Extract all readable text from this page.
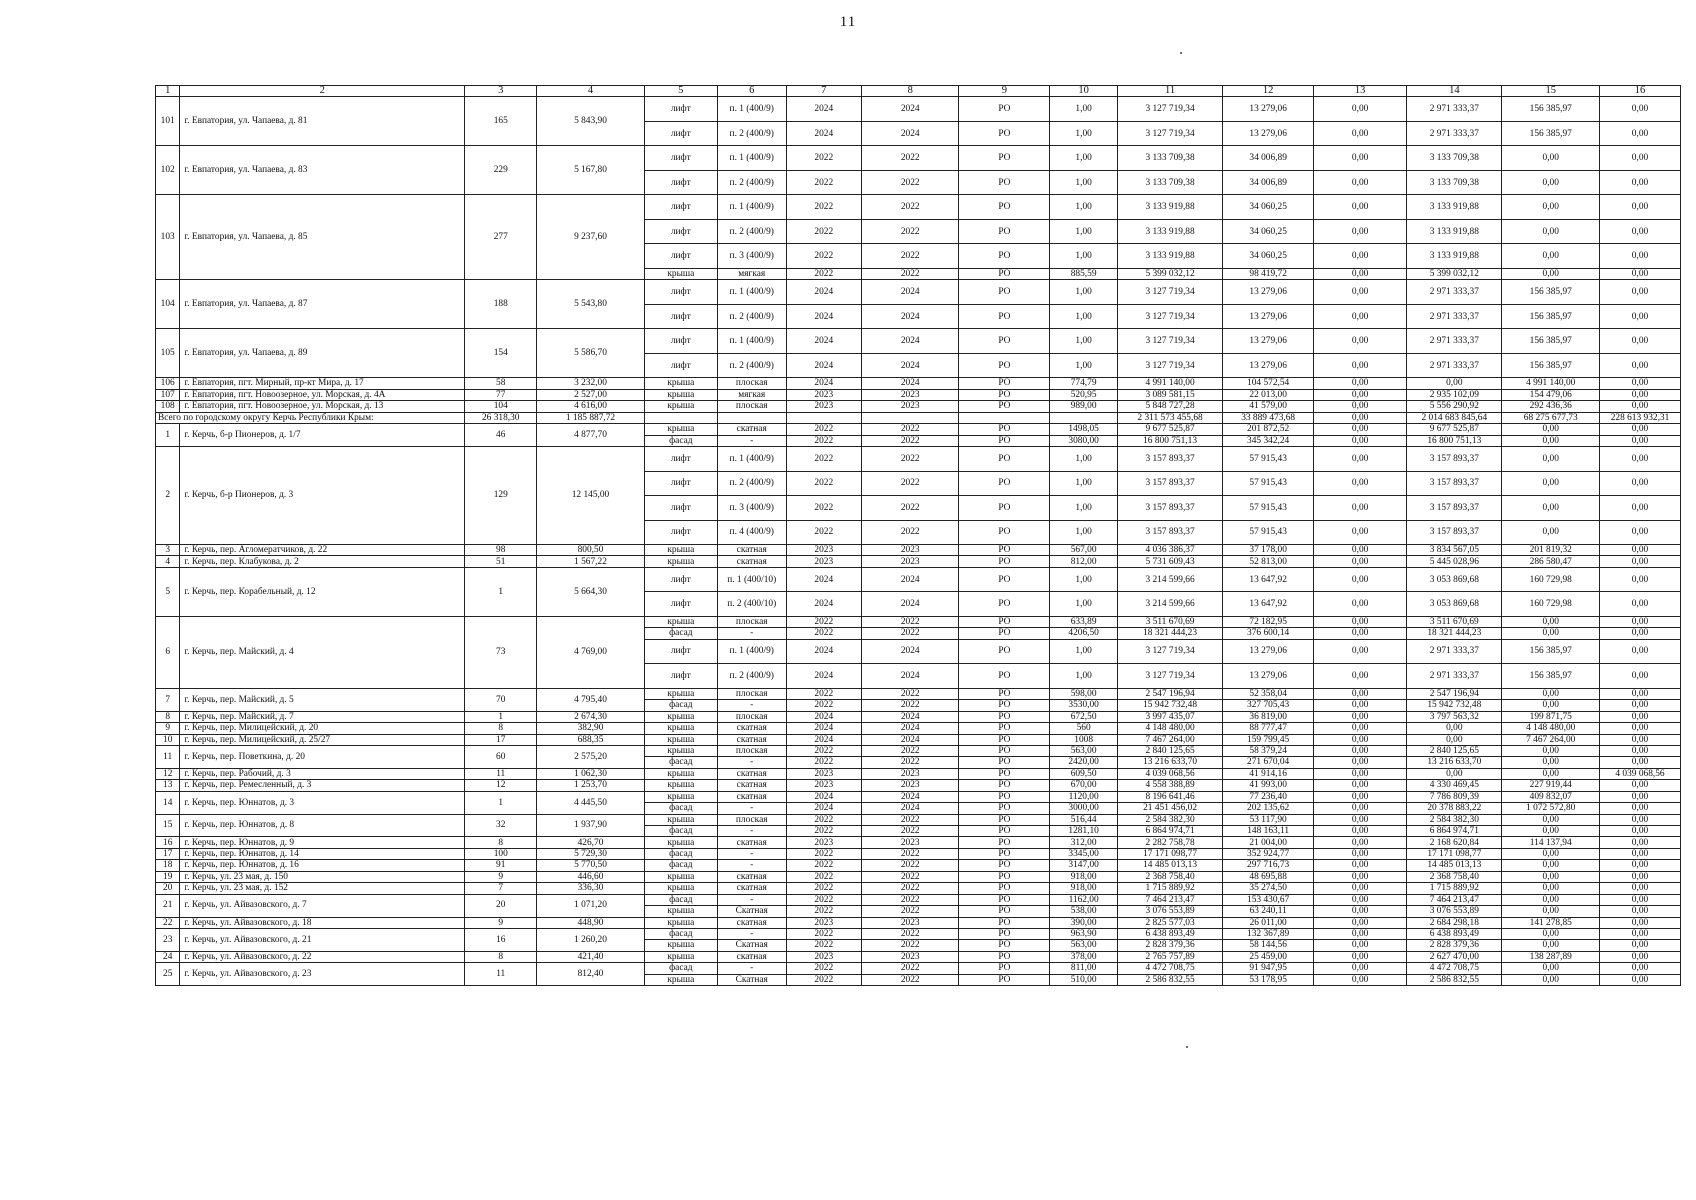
11
1	2	3	4	5	6	7	8	9	10	11	12	13	14	15	16
101	г. Евпатория, ул. Чапаева, д. 81	165	5 843,90	лифт	п. 1 (400/9)	2024	2024	РО	1,00	3 127 719,34	13 279,06	0,00	2 971 333,37	156 385,97	0,00
				лифт	п. 2 (400/9)	2024	2024	РО	1,00	3 127 719,34	13 279,06	0,00	2 971 333,37	156 385,97	0,00
102	г. Евпатория, ул. Чапаева, д. 83	229	5 167,80	лифт	п. 1 (400/9)	2022	2022	РО	1,00	3 133 709,38	34 006,89	0,00	3 133 709,38	0,00	0,00
				лифт	п. 2 (400/9)	2022	2022	РО	1,00	3 133 709,38	34 006,89	0,00	3 133 709,38	0,00	0,00
103	г. Евпатория, ул. Чапаева, д. 85	277	9 237,60	лифт	п. 1 (400/9)	2022	2022	РО	1,00	3 133 919,88	34 060,25	0,00	3 133 919,88	0,00	0,00
				лифт	п. 2 (400/9)	2022	2022	РО	1,00	3 133 919,88	34 060,25	0,00	3 133 919,88	0,00	0,00
				лифт	п. 3 (400/9)	2022	2022	РО	1,00	3 133 919,88	34 060,25	0,00	3 133 919,88	0,00	0,00
				крыша	мягкая	2022	2022	РО	885,59	5 399 032,12	98 419,72	0,00	5 399 032,12	0,00	0,00
104	г. Евпатория, ул. Чапаева, д. 87	188	5 543,80	лифт	п. 1 (400/9)	2024	2024	РО	1,00	3 127 719,34	13 279,06	0,00	2 971 333,37	156 385,97	0,00
				лифт	п. 2 (400/9)	2024	2024	РО	1,00	3 127 719,34	13 279,06	0,00	2 971 333,37	156 385,97	0,00
105	г. Евпатория, ул. Чапаева, д. 89	154	5 586,70	лифт	п. 1 (400/9)	2024	2024	РО	1,00	3 127 719,34	13 279,06	0,00	2 971 333,37	156 385,97	0,00
				лифт	п. 2 (400/9)	2024	2024	РО	1,00	3 127 719,34	13 279,06	0,00	2 971 333,37	156 385,97	0,00
106	г. Евпатория, пгт. Мирный, пр-кт Мира, д. 17	58	3 232,00	крыша	плоская	2024	2024	РО	774,79	4 991 140,00	104 572,54	0,00	0,00	4 991 140,00	0,00
107	г. Евпатория, пгт. Новоозерное, ул. Морская, д. 4А	77	2 527,00	крыша	мягкая	2023	2023	РО	520,95	3 089 581,15	22 013,00	0,00	2 935 102,09	154 479,06	0,00
108	г. Евпатория, пгт. Новоозерное, ул. Морская, д. 13	104	4 616,00	крыша	плоская	2023	2023	РО	989,00	5 848 727,28	41 579,00	0,00	5 556 290,92	292 436,36	0,00
Всего по городскому округу Керчь Республики Крым:		26 318,30	1 185 887,72							2 311 573 455,68	33 889 473,68	0,00	2 014 683 845,64	68 275 677,73	228 613 932,31
1	г. Керчь, б-р Пионеров, д. 1/7	46	4 877,70	крыша	скатная	2022	2022	РО	1498,05	9 677 525,87	201 872,52	0,00	9 677 525,87	0,00	0,00
				фасад	-	2022	2022	РО	3080,00	16 800 751,13	345 342,24	0,00	16 800 751,13	0,00	0,00
2	г. Керчь, б-р Пионеров, д. 3	129	12 145,00	лифт	п. 1 (400/9)	2022	2022	РО	1,00	3 157 893,37	57 915,43	0,00	3 157 893,37	0,00	0,00
				лифт	п. 2 (400/9)	2022	2022	РО	1,00	3 157 893,37	57 915,43	0,00	3 157 893,37	0,00	0,00
				лифт	п. 3 (400/9)	2022	2022	РО	1,00	3 157 893,37	57 915,43	0,00	3 157 893,37	0,00	0,00
				лифт	п. 4 (400/9)	2022	2022	РО	1,00	3 157 893,37	57 915,43	0,00	3 157 893,37	0,00	0,00
3	г. Керчь, пер. Агломератчиков, д. 22	98	800,50	крыша	скатная	2023	2023	РО	567,00	4 036 386,37	37 178,00	0,00	3 834 567,05	201 819,32	0,00
4	г. Керчь, пер. Клабукова, д. 2	51	1 567,22	крыша	скатная	2023	2023	РО	812,00	5 731 609,43	52 813,00	0,00	5 445 028,96	286 580,47	0,00
5	г. Керчь, пер. Корабельный, д. 12	1	5 664,30	лифт	п. 1 (400/10)	2024	2024	РО	1,00	3 214 599,66	13 647,92	0,00	3 053 869,68	160 729,98	0,00
				лифт	п. 2 (400/10)	2024	2024	РО	1,00	3 214 599,66	13 647,92	0,00	3 053 869,68	160 729,98	0,00
6	г. Керчь, пер. Майский, д. 4	73	4 769,00	крыша	плоская	2022	2022	РО	633,89	3 511 670,69	72 182,95	0,00	3 511 670,69	0,00	0,00
				фасад	-	2022	2022	РО	4206,50	18 321 444,23	376 600,14	0,00	18 321 444,23	0,00	0,00
				лифт	п. 1 (400/9)	2024	2024	РО	1,00	3 127 719,34	13 279,06	0,00	2 971 333,37	156 385,97	0,00
				лифт	п. 2 (400/9)	2024	2024	РО	1,00	3 127 719,34	13 279,06	0,00	2 971 333,37	156 385,97	0,00
7	г. Керчь, пер. Майский, д. 5	70	4 795,40	крыша	плоская	2022	2022	РО	598,00	2 547 196,94	52 358,04	0,00	2 547 196,94	0,00	0,00
				фасад	-	2022	2022	РО	3530,00	15 942 732,48	327 705,43	0,00	15 942 732,48	0,00	0,00
8	г. Керчь, пер. Майский, д. 7	1	2 674,30	крыша	плоская	2024	2024	РО	672,50	3 997 435,07	36 819,00	0,00	3 797 563,32	199 871,75	0,00
9	г. Керчь, пер. Милицейский, д. 20	8	382,90	крыша	скатная	2024	2024	РО	560	4 148 480,00	88 777,47	0,00	0,00	4 148 480,00	0,00
10	г. Керчь, пер. Милицейский, д. 25/27	17	688,35	крыша	скатная	2024	2024	РО	1008	7 467 264,00	159 799,45	0,00	0,00	7 467 264,00	0,00
11	г. Керчь, пер. Поветкина, д. 20	60	2 575,20	крыша	плоская	2022	2022	РО	563,00	2 840 125,65	58 379,24	0,00	2 840 125,65	0,00	0,00
				фасад	-	2022	2022	РО	2420,00	13 216 633,70	271 670,04	0,00	13 216 633,70	0,00	0,00
12	г. Керчь, пер. Рабочий, д. 3	11	1 062,30	крыша	скатная	2023	2023	РО	609,50	4 039 068,56	41 914,16	0,00	0,00	0,00	4 039 068,56
13	г. Керчь, пер. Ремесленный, д. 3	12	1 253,70	крыша	скатная	2023	2023	РО	670,00	4 558 388,89	41 993,00	0,00	4 330 469,45	227 919,44	0,00
14	г. Керчь, пер. Юннатов, д. 3	1	4 445,50	крыша	скатная	2024	2024	РО	1120,00	8 196 641,46	77 236,40	0,00	7 786 809,39	409 832,07	0,00
				фасад	-	2024	2024	РО	3000,00	21 451 456,02	202 135,62	0,00	20 378 883,22	1 072 572,80	0,00
15	г. Керчь, пер. Юннатов, д. 8	32	1 937,90	крыша	плоская	2022	2022	РО	516,44	2 584 382,30	53 117,90	0,00	2 584 382,30	0,00	0,00
				фасад	-	2022	2022	РО	1281,10	6 864 974,71	148 163,11	0,00	6 864 974,71	0,00	0,00
16	г. Керчь, пер. Юннатов, д. 9	8	426,70	крыша	скатная	2023	2023	РО	312,00	2 282 758,78	21 004,00	0,00	2 168 620,84	114 137,94	0,00
17	г. Керчь, пер. Юннатов, д. 14	100	5 729,30	фасад	-	2022	2022	РО	3345,00	17 171 098,77	352 924,77	0,00	17 171 098,77	0,00	0,00
18	г. Керчь, пер. Юннатов, д. 16	91	5 770,50	фасад	-	2022	2022	РО	3147,00	14 485 013,13	297 716,73	0,00	14 485 013,13	0,00	0,00
19	г. Керчь, ул. 23 мая, д. 150	9	446,60	крыша	скатная	2022	2022	РО	918,00	2 368 758,40	48 695,88	0,00	2 368 758,40	0,00	0,00
20	г. Керчь, ул. 23 мая, д. 152	7	336,30	крыша	скатная	2022	2022	РО	918,00	1 715 889,92	35 274,50	0,00	1 715 889,92	0,00	0,00
21	г. Керчь, ул. Айвазовского, д. 7	20	1 071,20	фасад	-	2022	2022	РО	1162,00	7 464 213,47	153 430,67	0,00	7 464 213,47	0,00	0,00
				крыша	Скатная	2022	2022	РО	538,00	3 076 553,89	63 240,11	0,00	3 076 553,89	0,00	0,00
22	г. Керчь, ул. Айвазовского, д. 18	9	448,90	крыша	скатная	2023	2023	РО	390,00	2 825 577,03	26 011,00	0,00	2 684 298,18	141 278,85	0,00
23	г. Керчь, ул. Айвазовского, д. 21	16	1 260,20	фасад	-	2022	2022	РО	963,90	6 438 893,49	132 367,89	0,00	6 438 893,49	0,00	0,00
				крыша	Скатная	2022	2022	РО	563,00	2 828 379,36	58 144,56	0,00	2 828 379,36	0,00	0,00
24	г. Керчь, ул. Айвазовского, д. 22	8	421,40	крыша	скатная	2023	2023	РО	378,00	2 765 757,89	25 459,00	0,00	2 627 470,00	138 287,89	0,00
25	г. Керчь, ул. Айвазовского, д. 23	11	812,40	фасад	-	2022	2022	РО	811,00	4 472 708,75	91 947,95	0,00	4 472 708,75	0,00	0,00
				крыша	Скатная	2022	2022	РО	510,00	2 586 832,55	53 178,95	0,00	2 586 832,55	0,00	0,00
